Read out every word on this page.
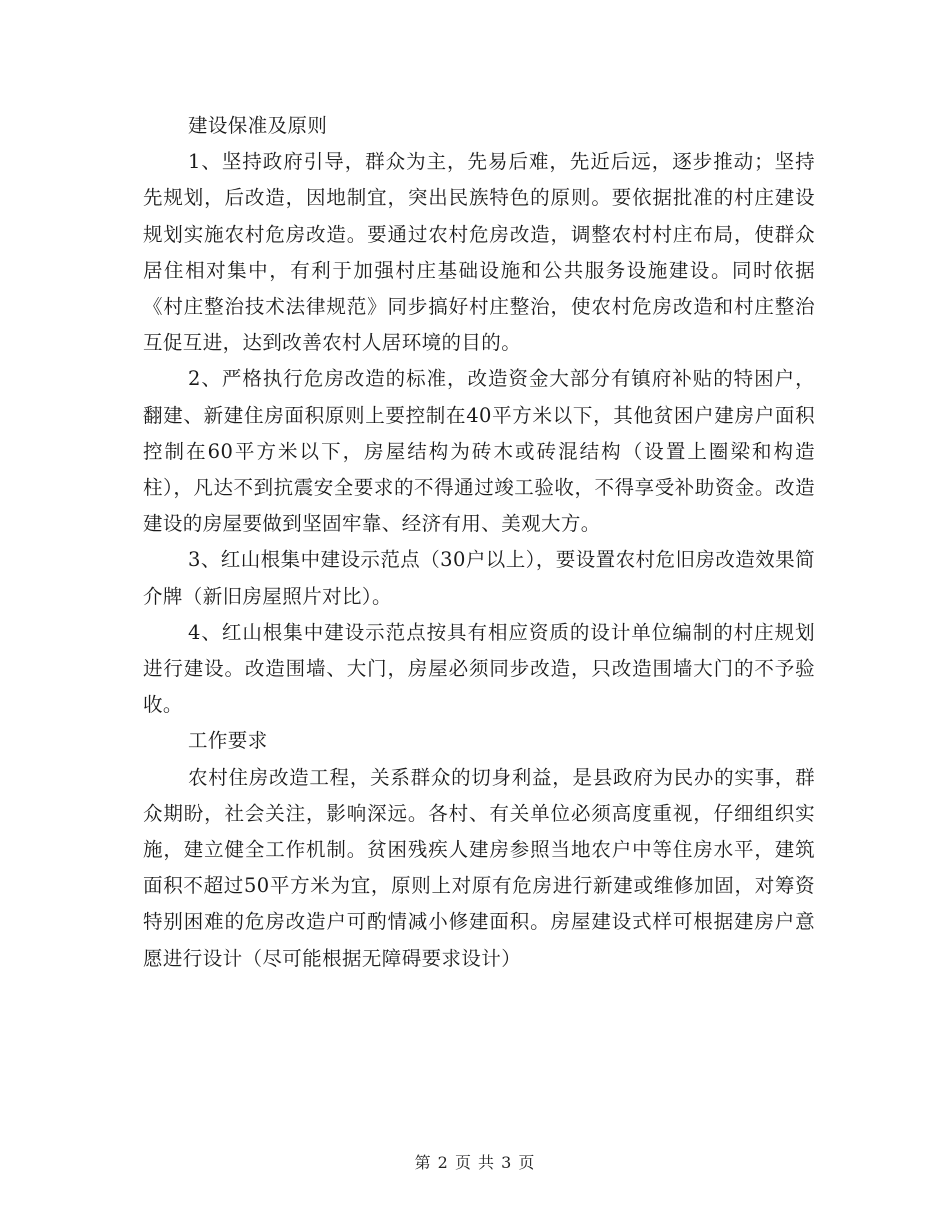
建设保准及原则

1、坚持政府引导，群众为主，先易后难，先近后远，逐步推动；坚持先规划，后改造，因地制宜，突出民族特色的原则。要依据批准的村庄建设规划实施农村危房改造。要通过农村危房改造，调整农村村庄布局，使群众居住相对集中，有利于加强村庄基础设施和公共服务设施建设。同时依据《村庄整治技术法律规范》同步搞好村庄整治，使农村危房改造和村庄整治互促互进，达到改善农村人居环境的目的。

2、严格执行危房改造的标准，改造资金大部分有镇府补贴的特困户，翻建、新建住房面积原则上要控制在40平方米以下，其他贫困户建房户面积控制在60平方米以下，房屋结构为砖木或砖混结构（设置上圈梁和构造柱），凡达不到抗震安全要求的不得通过竣工验收，不得享受补助资金。改造建设的房屋要做到坚固牢靠、经济有用、美观大方。

3、红山根集中建设示范点（30户以上），要设置农村危旧房改造效果简介牌（新旧房屋照片对比）。

4、红山根集中建设示范点按具有相应资质的设计单位编制的村庄规划进行建设。改造围墙、大门，房屋必须同步改造，只改造围墙大门的不予验收。

工作要求

农村住房改造工程，关系群众的切身利益，是县政府为民办的实事，群众期盼，社会关注，影响深远。各村、有关单位必须高度重视，仔细组织实施，建立健全工作机制。贫困残疾人建房参照当地农户中等住房水平，建筑面积不超过50平方米为宜，原则上对原有危房进行新建或维修加固，对筹资特别困难的危房改造户可酌情减小修建面积。房屋建设式样可根据建房户意愿进行设计（尽可能根据无障碍要求设计）

第 2 页 共 3 页
